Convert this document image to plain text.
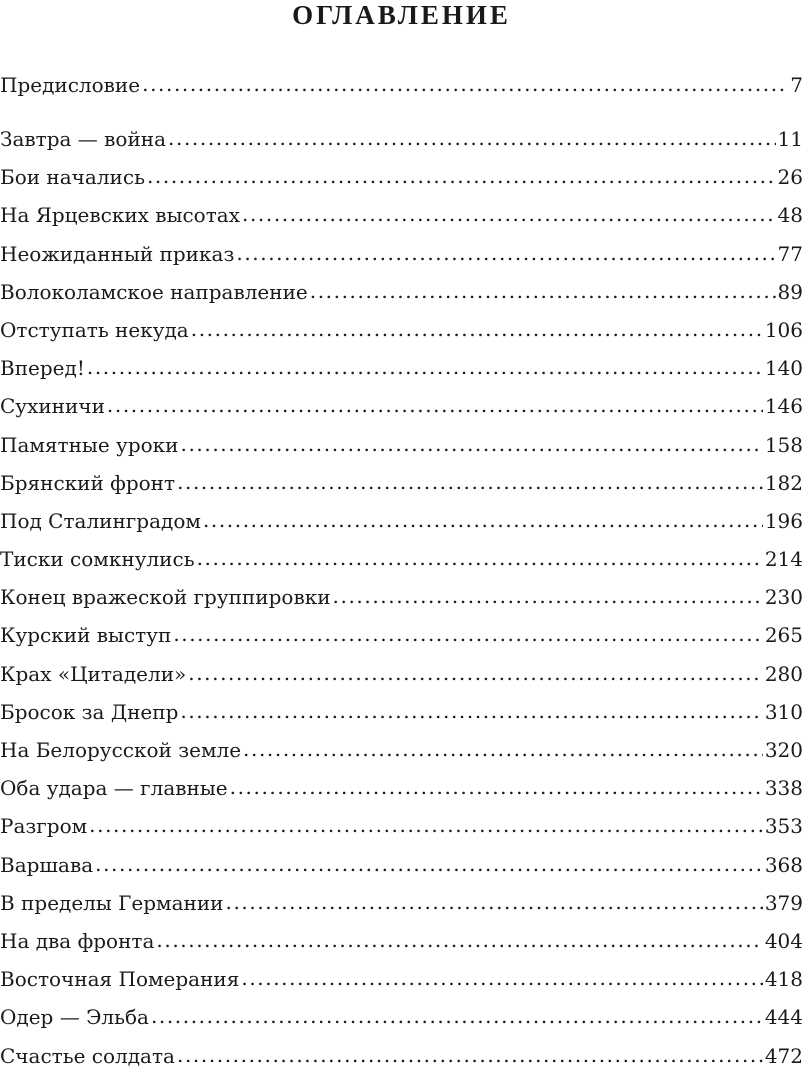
ОГЛАВЛЕНИЕ
Предисловие .....	7
Завтра — война .....	11
Бои начались .....	26
На Ярцевских высотах .....	48
Неожиданный приказ .....	77
Волоколамское направление .....	89
Отступать некуда .....	106
Вперед! .....	140
Сухиничи .....	146
Памятные уроки .....	158
Брянский фронт .....	182
Под Сталинградом .....	196
Тиски сомкнулись .....	214
Конец вражеской группировки .....	230
Курский выступ .....	265
Крах «Цитадели» .....	280
Бросок за Днепр .....	310
На Белорусской земле .....	320
Оба удара — главные .....	338
Разгром .....	353
Варшава .....	368
В пределы Германии .....	379
На два фронта .....	404
Восточная Померания .....	418
Одер — Эльба .....	444
Счастье солдата .....	472
